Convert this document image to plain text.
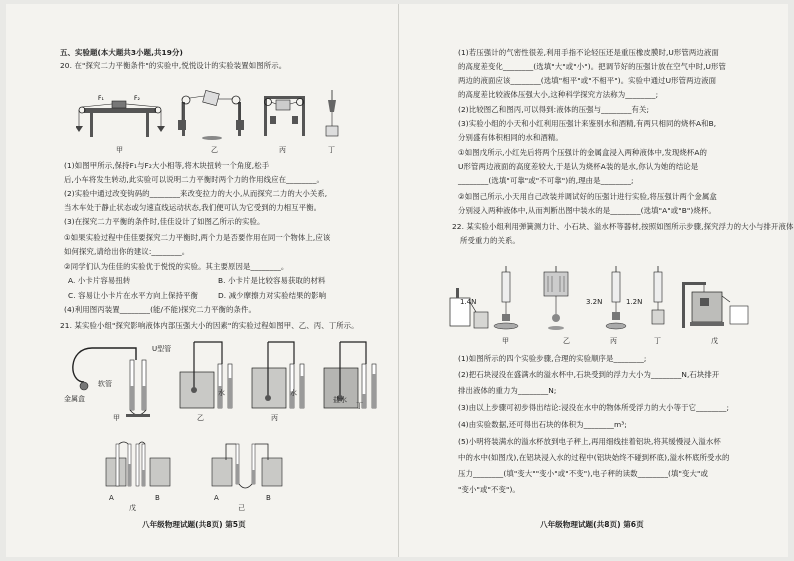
五、实验题(本大题共3小题,共19分)
20. 在"探究二力平衡条件"的实验中,悦悦设计的实验装置如图所示。
F₁	F₂
甲	乙	丙	丁
(1)如图甲所示,保持F₁与F₂大小相等,将木块扭转一个角度,松手
后,小车将发生转动,此实验可以说明二力平衡时两个力的作用线应在________。
(2)实验中通过改变钩码的________来改变拉力的大小,从而探究二力的大小关系,
当木车处于静止状态或匀速直线运动状态,我们便可认为它受到的力相互平衡。
(3)在探究二力平衡的条件时,佳佳设计了如图乙所示的实验。
①如果实验过程中佳佳要探究二力平衡时,两个力是否要作用在同一个物体上,应该
如何探究,请给出你的建议:________。
②同学们认为佳佳的实验优于悦悦的实验。其主要原因是________。
A. 小卡片容易扭转	B. 小卡片是比较容易获取的材料
C. 容易让小卡片在水平方向上保持平衡	D. 减少摩擦力对实验结果的影响
(4)利用图丙装置________(能/不能)探究二力平衡的条件。
21. 某实验小组"探究影响液体内部压强大小的因素"的实验过程如图甲、乙、丙、丁所示。
U型管
软管
金属盒
甲
水
乙
水
丙
盐水
丁
A	B
戊
A	B
己
八年级物理试题(共8页) 第5页
(1)若压强计的气密性很差,利用手指不论轻压还是重压橡皮膜时,U形管两边液面
的高度差变化________(选填"大"或"小")。把调节好的压强计放在空气中时,U形管
两边的液面应该________(选填"相平"或"不相平")。实验中通过U形管两边液面
的高度差比较液体压强大小,这种科学探究方法称为________;
(2)比较图乙和图丙,可以得到:液体的压强与________有关;
(3)实验小组的小天和小红利用压强计来鉴别水和酒精,有两只相同的烧杯A和B,
分别盛有体积相同的水和酒精。
①如图戊所示,小红先后将两个压强计的金属盒浸入两种液体中,发现烧杯A的
U形管两边液面的高度差较大,于是认为烧杯A装的是水,你认为她的结论是
________(选填"可靠"或"不可靠")的,理由是________;
②如图己所示,小天用自己改装并调试好的压强计进行实验,将压强计两个金属盒
分别浸入两种液体中,从而判断出图中装水的是________(选填"A"或"B")烧杯。
22. 某实验小组利用弹簧测力计、小石块、溢水杯等器材,按照如图所示步骤,探究浮力的大小与排开液体
所受重力的关系。
1.4N	3.2N	1.2N
甲	乙	丙	丁	戊
(1)如图所示的四个实验步骤,合理的实验顺序是________;
(2)把石块浸没在盛满水的溢水杯中,石块受到的浮力大小为________N,石块排开
排出液体的重力为________N;
(3)由以上步骤可初步得出结论:浸没在水中的物体所受浮力的大小等于它________;
(4)由实验数据,还可得出石块的体积为________m³;
(5)小明将装满水的溢水杯放到电子秤上,再用细线挂着铝块,将其缓慢浸入溢水杯
中的水中(如图戊),在铝块浸入水的过程中(铝块始终不碰到杯底),溢水杯底所受水的
压力________(填"变大""变小"或"不变"),电子秤的读数________(填"变大"或
"变小"或"不变")。
八年级物理试题(共8页) 第6页
